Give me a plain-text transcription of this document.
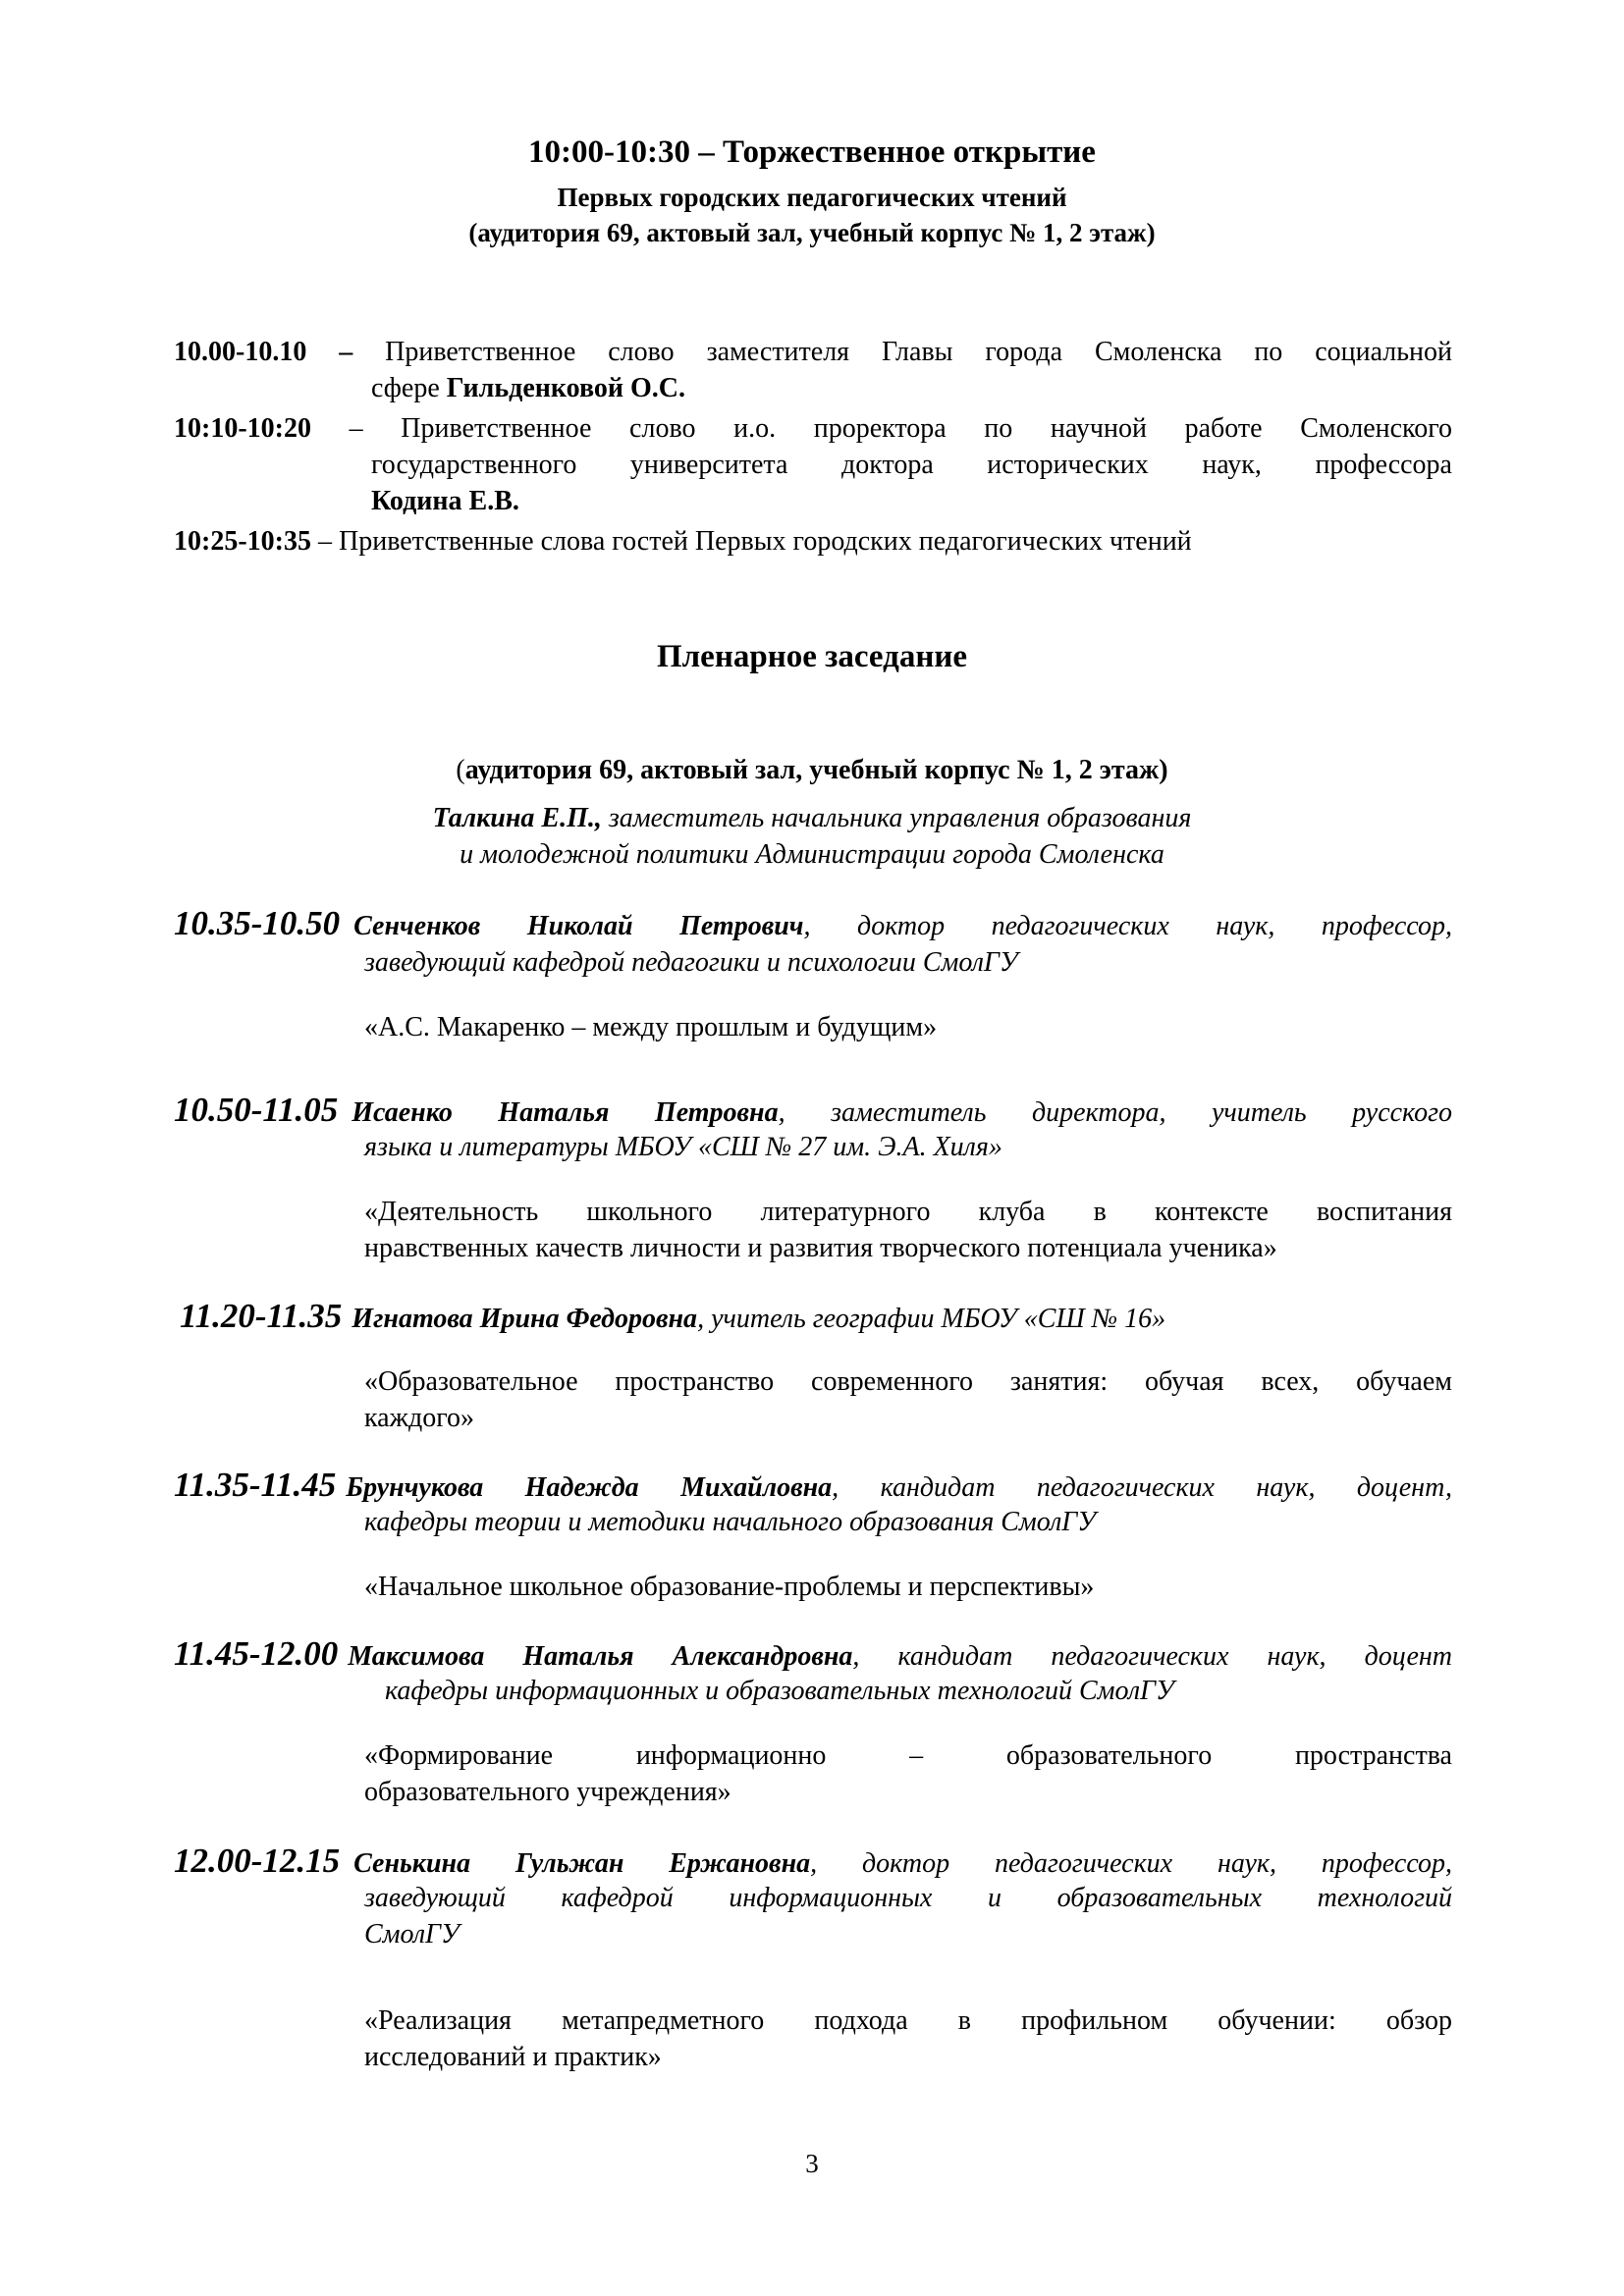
10:00-10:30 – Торжественное открытие
Первых городских педагогических чтений
(аудитория 69, актовый зал, учебный корпус № 1, 2 этаж)
10.00-10.10 – Приветственное слово заместителя Главы города Смоленска по социальной
сфере Гильденковой О.С.
10:10-10:20 – Приветственное слово и.о. проректора по научной работе Смоленского
государственного университета доктора исторических наук, профессора
Кодина Е.В.
10:25-10:35 – Приветственные слова гостей Первых городских педагогических чтений
Пленарное заседание
(аудитория 69, актовый зал, учебный корпус № 1, 2 этаж)
Талкина Е.П., заместитель начальника управления образования
и молодежной политики Администрации города Смоленска
10.35-10.50 Сенченков Николай Петрович, доктор педагогических наук, профессор,
заведующий кафедрой педагогики и психологии СмолГУ
«А.С. Макаренко – между прошлым и будущим»
10.50-11.05 Исаенко Наталья Петровна, заместитель директора, учитель русского
языка и литературы МБОУ «СШ № 27 им. Э.А. Хиля»
«Деятельность школьного литературного клуба в контексте воспитания
нравственных качеств личности и развития творческого потенциала ученика»
11.20-11.35 Игнатова Ирина Федоровна, учитель географии МБОУ «СШ № 16»
«Образовательное пространство современного занятия: обучая всех, обучаем
каждого»
11.35-11.45 Брунчукова Надежда Михайловна, кандидат педагогических наук, доцент,
кафедры теории и методики начального образования СмолГУ
«Начальное школьное образование-проблемы и перспективы»
11.45-12.00 Максимова Наталья Александровна, кандидат педагогических наук, доцент
кафедры информационных и образовательных технологий СмолГУ
«Формирование информационно – образовательного пространства
образовательного учреждения»
12.00-12.15 Сенькина Гульжан Ержановна, доктор педагогических наук, профессор,
заведующий кафедрой информационных и образовательных технологий
СмолГУ
«Реализация метапредметного подхода в профильном обучении: обзор
исследований и практик»
3
